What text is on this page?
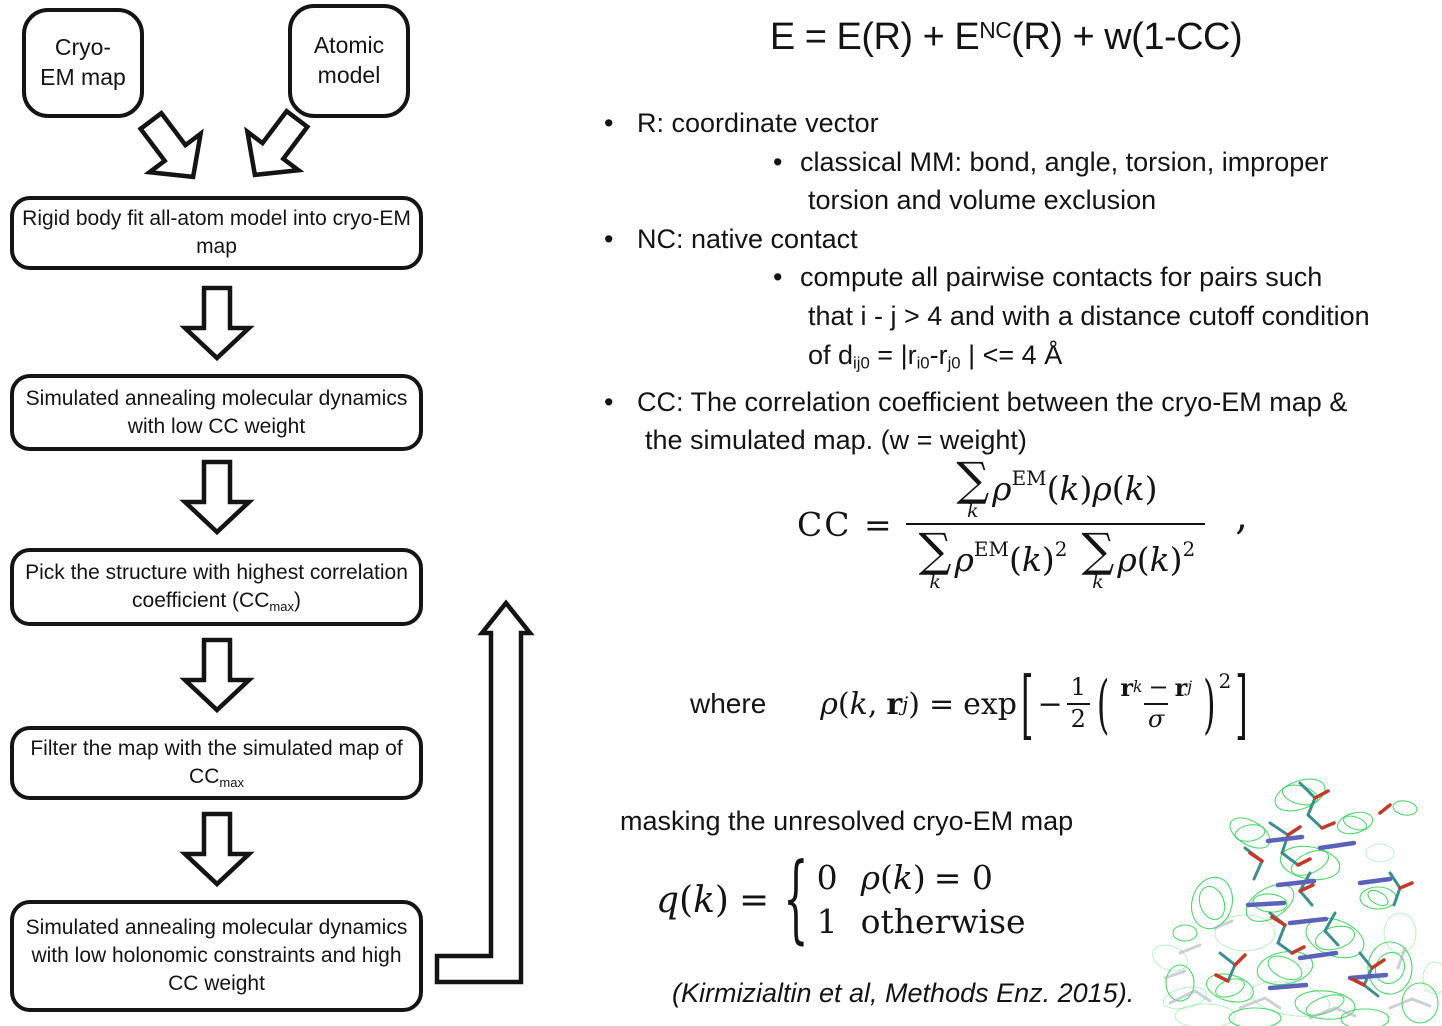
Cryo-
EM map
Atomic
model
Rigid body fit all-atom model into cryo-EM map
Simulated annealing molecular dynamics with low CC weight
Pick the structure with highest correlation coefficient (CCmax)
Filter the map with the simulated map of CCmax
Simulated annealing molecular dynamics with low holonomic constraints and high CC weight
$E = E(R) + E^{NC}(R) + w(1-CC)$
• R: coordinate vector
• classical MM: bond, angle, torsion, improper
torsion and volume exclusion
• NC: native contact
• compute all pairwise contacts for pairs such
that i - j > 4 and with a distance cutoff condition
of dij0 = |ri0-rj0 | <= 4 Å
• CC: The correlation coefficient between the cryo-EM map &
the simulated map. (w = weight)
CC = ∑
k
ρ EM ( k ) ρ ( k )
∑
k
ρ EM ( k ) 2 ∑
k
ρ ( k ) 2 ,
where ρ ( k , r j ) = exp [ − $\frac{1}{2}$ ( r k − r j
σ ) 2 ]
masking the unresolved cryo-EM map
q(k) = { 0 ρ ( k ) = 0
1 otherwise
(Kirmizialtin et al, Methods Enz. 2015).
